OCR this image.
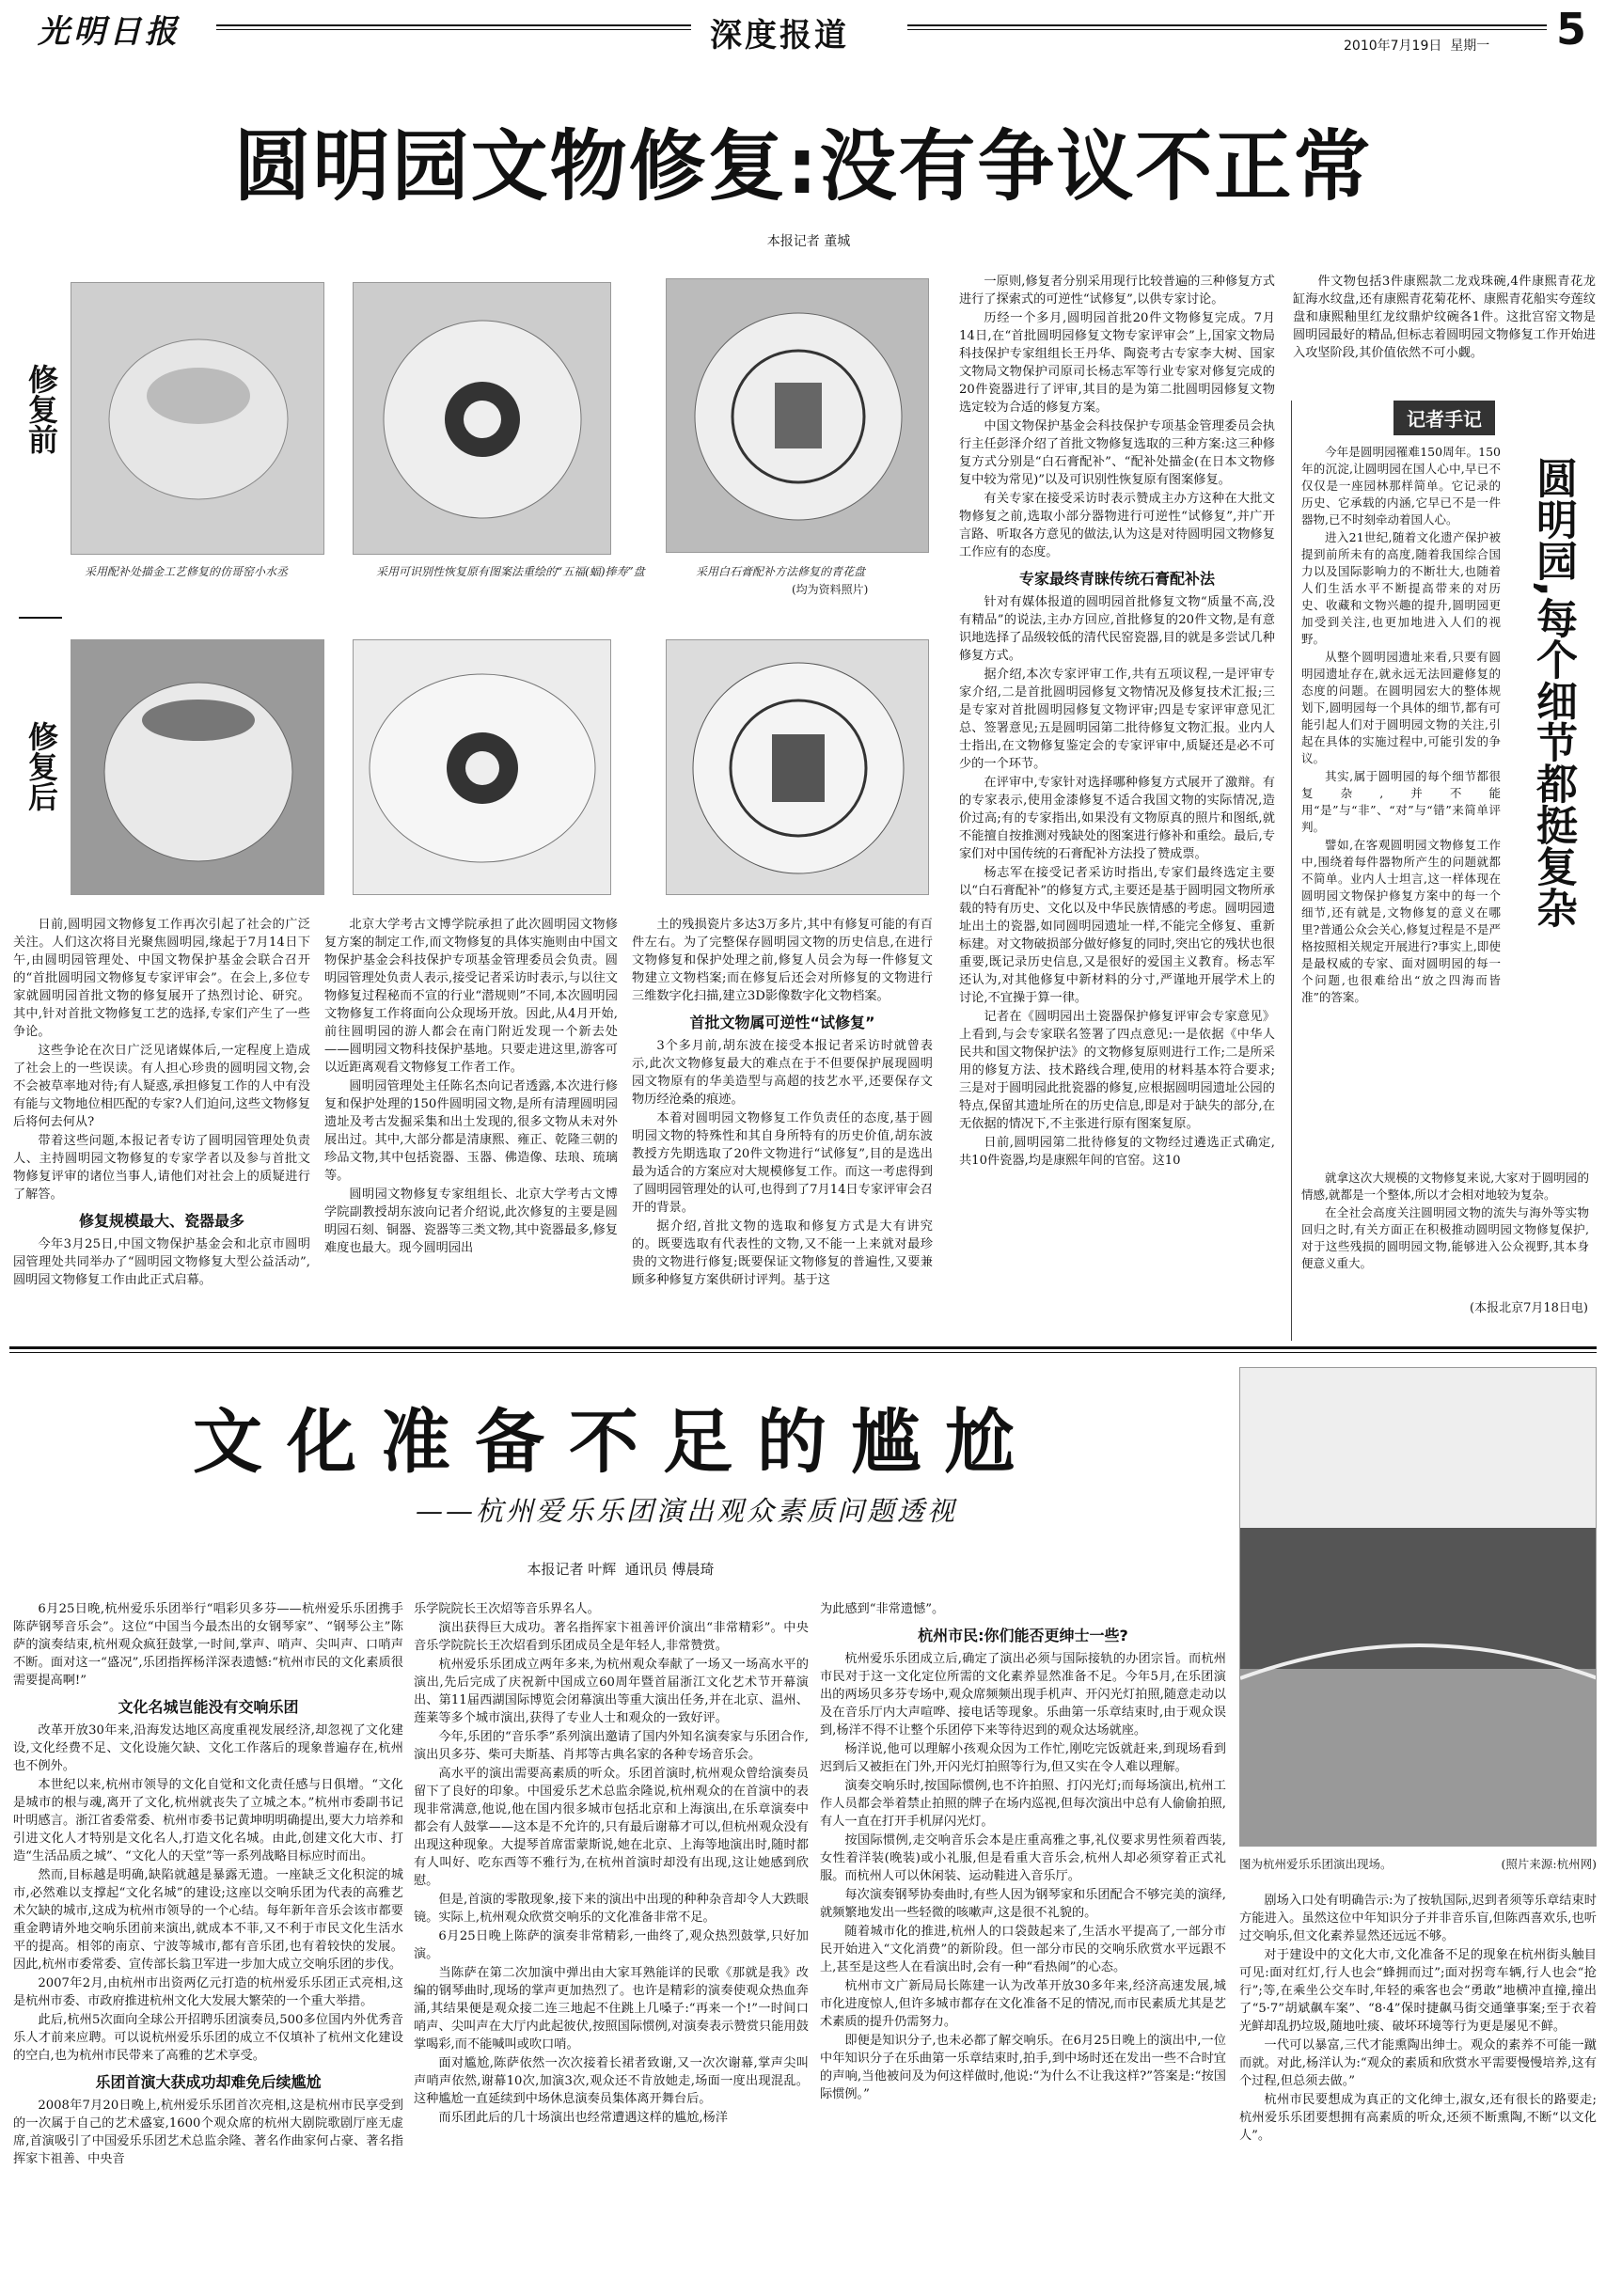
光明日报	深度报道	2010年7月19日 星期一 5
圆明园文物修复:没有争议不正常
本报记者 董城
修复前
修复后
采用配补处描金工艺修复的仿哥窑小水丞	采用可识别性恢复原有图案法重绘的“五福(蝠)捧寿”盘	采用白石膏配补方法修复的青花盘
(均为资料照片)

日前,圆明园文物修复工作再次引起了社会的广泛关注。人们这次将目光聚焦圆明园,缘起于7月14日下午,由圆明园管理处、中国文物保护基金会联合召开的“首批圆明园文物修复专家评审会”。在会上,多位专家就圆明园首批文物的修复展开了热烈讨论、研究。其中,针对首批文物修复工艺的选择,专家们产生了一些争论。

这些争论在次日广泛见诸媒体后,一定程度上造成了社会上的一些误读。有人担心珍贵的圆明园文物,会不会被草率地对待;有人疑惑,承担修复工作的人中有没有能与文物地位相匹配的专家?人们迫问,这些文物修复后将何去何从?

带着这些问题,本报记者专访了圆明园管理处负责人、主持圆明园文物修复的专家学者以及参与首批文物修复评审的诸位当事人,请他们对社会上的质疑进行了解答。

修复规模最大、瓷器最多

今年3月25日,中国文物保护基金会和北京市圆明园管理处共同举办了“圆明园文物修复大型公益活动”,圆明园文物修复工作由此正式启幕。

北京大学考古文博学院承担了此次圆明园文物修复方案的制定工作,而文物修复的具体实施则由中国文物保护基金会科技保护专项基金管理委员会负责。圆明园管理处负责人表示,接受记者采访时表示,与以往文物修复过程秘而不宣的行业“潜规则”不同,本次圆明园文物修复工作将面向公众现场开放。因此,从4月开始,前往圆明园的游人都会在南门附近发现一个新去处——圆明园文物科技保护基地。只要走进这里,游客可以近距离观看文物修复工作者工作。

圆明园管理处主任陈名杰向记者透露,本次进行修复和保护处理的150件圆明园文物,是所有清理圆明园遗址及考古发掘采集和出土发现的,很多文物从未对外展出过。其中,大部分都是清康熙、雍正、乾隆三朝的珍品文物,其中包括瓷器、玉器、佛造像、珐琅、琉璃等。

圆明园文物修复专家组组长、北京大学考古文博学院副教授胡东波向记者介绍说,此次修复的主要是圆明园石刻、铜器、瓷器等三类文物,其中瓷器最多,修复难度也最大。现今圆明园出

土的残损瓷片多达3万多片,其中有修复可能的有百件左右。为了完整保存圆明园文物的历史信息,在进行文物修复和保护处理之前,修复人员会为每一件修复文物建立文物档案;而在修复后还会对所修复的文物进行三维数字化扫描,建立3D影像数字化文物档案。

首批文物属可逆性“试修复”

3个多月前,胡东波在接受本报记者采访时就曾表示,此次文物修复最大的难点在于不但要保护展现圆明园文物原有的华美造型与高超的技艺水平,还要保存文物历经沧桑的痕迹。

本着对圆明园文物修复工作负责任的态度,基于圆明园文物的特殊性和其自身所特有的历史价值,胡东波教授方先期选取了20件文物进行“试修复”,目的是选出最为适合的方案应对大规模修复工作。而这一考虑得到了圆明园管理处的认可,也得到了7月14日专家评审会召开的背景。

据介绍,首批文物的选取和修复方式是大有讲究的。既要选取有代表性的文物,又不能一上来就对最珍贵的文物进行修复;既要保证文物修复的普遍性,又要兼顾多种修复方案供研讨评判。基于这

一原则,修复者分别采用现行比较普遍的三种修复方式进行了探索式的可逆性“试修复”,以供专家讨论。

历经一个多月,圆明园首批20件文物修复完成。7月14日,在“首批圆明园修复文物专家评审会”上,国家文物局科技保护专家组组长王丹华、陶瓷考古专家李大树、国家文物局文物保护司原司长杨志军等行业专家对修复完成的20件瓷器进行了评审,其目的是为第二批圆明园修复文物选定较为合适的修复方案。

中国文物保护基金会科技保护专项基金管理委员会执行主任彭泽介绍了首批文物修复选取的三种方案:这三种修复方式分别是“白石膏配补”、“配补处描金(在日本文物修复中较为常见)”以及可识别性恢复原有图案修复。

有关专家在接受采访时表示赞成主办方这种在大批文物修复之前,选取小部分器物进行可逆性“试修复”,并广开言路、听取各方意见的做法,认为这是对待圆明园文物修复工作应有的态度。

专家最终青睐传统石膏配补法

针对有媒体报道的圆明园首批修复文物“质量不高,没有精品”的说法,主办方回应,首批修复的20件文物,是有意识地选择了品级较低的清代民窑瓷器,目的就是多尝试几种修复方式。

据介绍,本次专家评审工作,共有五项议程,一是评审专家介绍,二是首批圆明园修复文物情况及修复技术汇报;三是专家对首批圆明园修复文物评审;四是专家评审意见汇总、签署意见;五是圆明园第二批待修复文物汇报。业内人士指出,在文物修复鉴定会的专家评审中,质疑还是必不可少的一个环节。

在评审中,专家针对选择哪种修复方式展开了激辩。有的专家表示,使用金漆修复不适合我国文物的实际情况,造价过高;有的专家指出,如果没有文物原真的照片和图纸,就不能擅自按推测对残缺处的图案进行修补和重绘。最后,专家们对中国传统的石膏配补方法投了赞成票。

杨志军在接受记者采访时指出,专家们最终选定主要以“白石膏配补”的修复方式,主要还是基于圆明园文物所承载的特有历史、文化以及中华民族情感的考虑。圆明园遗址出土的瓷器,如同圆明园遗址一样,不能完全修复、重新标建。对文物破损部分做好修复的同时,突出它的残状也很重要,既记录历史信息,又是很好的爱国主义教育。杨志军还认为,对其他修复中新材料的分寸,严谨地开展学术上的讨论,不宜操于算一律。

记者在《圆明园出土瓷器保护修复评审会专家意见》上看到,与会专家联名签署了四点意见:一是依据《中华人民共和国文物保护法》的文物修复原则进行工作;二是所采用的修复方法、技术路线合理,使用的材料基本符合要求;三是对于圆明园此批瓷器的修复,应根据圆明园遗址公园的特点,保留其遗址所在的历史信息,即是对于缺失的部分,在无依据的情况下,不主张进行原有图案复原。

日前,圆明园第二批待修复的文物经过遴选正式确定,共10件瓷器,均是康熙年间的官窑。这10

件文物包括3件康熙款二龙戏珠碗,4件康熙青花龙缸海水纹盘,还有康熙青花菊花杯、康熙青花船实夸莲纹盘和康熙釉里红龙纹鼎炉纹碗各1件。这批宫窑文物是圆明园最好的精品,但标志着圆明园文物修复工作开始进入攻坚阶段,其价值依然不可小觑。

记者手记
圆明园,每个细节都挺复杂

今年是圆明园罹难150周年。150年的沉淀,让圆明园在国人心中,早已不仅仅是一座园林那样简单。它记录的历史、它承载的内涵,它早已不是一件器物,已不时刻牵动着国人心。

进入21世纪,随着文化遗产保护被提到前所未有的高度,随着我国综合国力以及国际影响力的不断壮大,也随着人们生活水平不断提高带来的对历史、收藏和文物兴趣的提升,圆明园更加受到关注,也更加地进入人们的视野。

从整个圆明园遗址来看,只要有圆明园遗址存在,就永远无法回避修复的态度的问题。在圆明园宏大的整体规划下,圆明园每一个具体的细节,都有可能引起人们对于圆明园文物的关注,引起在具体的实施过程中,可能引发的争议。

其实,属于圆明园的每个细节都很复杂,并不能用“是”与“非”、“对”与“错”来简单评判。

譬如,在客观圆明园文物修复工作中,围绕着每件器物所产生的问题就都不简单。业内人士坦言,这一样体现在圆明园文物保护修复方案中的每一个细节,还有就是,文物修复的意义在哪里?普通公众会关心,修复过程是不是严格按照相关规定开展进行?事实上,即使是最权威的专家、面对圆明园的每一个问题,也很难给出“放之四海而皆准”的答案。

就拿这次大规模的文物修复来说,大家对于圆明园的情感,就都是一个整体,所以才会相对地较为复杂。

在全社会高度关注圆明园文物的流失与海外等实物回归之时,有关方面正在积极推动圆明园文物修复保护,对于这些残损的圆明园文物,能够进入公众视野,其本身便意义重大。

(本报北京7月18日电)
文化准备不足的尴尬
——杭州爱乐乐团演出观众素质问题透视
本报记者 叶辉  通讯员 傅晨琦
图为杭州爱乐乐团演出现场。	(照片来源:杭州网)

6月25日晚,杭州爱乐乐团举行“唱彩贝多芬——杭州爱乐乐团携手陈萨钢琴音乐会”。这位“中国当今最杰出的女钢琴家”、“钢琴公主”陈萨的演奏结束,杭州观众疯狂鼓掌,一时间,掌声、哨声、尖叫声、口哨声不断。面对这一“盛况”,乐团指挥杨洋深表遗憾:“杭州市民的文化素质很需要提高啊!”

文化名城岂能没有交响乐团

改革开放30年来,沿海发达地区高度重视发展经济,却忽视了文化建设,文化经费不足、文化设施欠缺、文化工作落后的现象普遍存在,杭州也不例外。

本世纪以来,杭州市领导的文化自觉和文化责任感与日俱增。“文化是城市的根与魂,离开了文化,杭州就丧失了立城之本。”杭州市委副书记叶明感言。浙江省委常委、杭州市委书记黄坤明明确提出,要大力培养和引进文化人才特别是文化名人,打造文化名城。由此,创建文化大市、打造“生活品质之城”、“文化人的天堂”等一系列战略目标应时而出。

然而,目标越是明确,缺陷就越是暴露无遗。一座缺乏文化积淀的城市,必然难以支撑起“文化名城”的建设;这座以交响乐团为代表的高雅艺术欠缺的城市,这成为杭州市领导的一个心结。每年新年音乐会该市都要重金聘请外地交响乐团前来演出,就成本不菲,又不利于市民文化生活水平的提高。相邻的南京、宁波等城市,都有音乐团,也有着较快的发展。因此,杭州市委常委、宣传部长翁卫军进一步加大成立交响乐团的步伐。

2007年2月,由杭州市出资两亿元打造的杭州爱乐乐团正式亮相,这是杭州市委、市政府推进杭州文化大发展大繁荣的一个重大举措。

此后,杭州5次面向全球公开招聘乐团演奏员,500多位国内外优秀音乐人才前来应聘。可以说杭州爱乐乐团的成立不仅填补了杭州文化建设的空白,也为杭州市民带来了高雅的艺术享受。

乐团首演大获成功却难免后续尴尬

2008年7月20日晚上,杭州爱乐乐团首次亮相,这是杭州市民享受到的一次属于自己的艺术盛宴,1600个观众席的杭州大剧院歌剧厅座无虚席,首演吸引了中国爱乐乐团艺术总监余隆、著名作曲家何占豪、著名指挥家卞祖善、中央音

乐学院院长王次炤等音乐界名人。

演出获得巨大成功。著名指挥家卞祖善评价演出“非常精彩”。中央音乐学院院长王次炤看到乐团成员全是年轻人,非常赞赏。

杭州爱乐乐团成立两年多来,为杭州观众奉献了一场又一场高水平的演出,先后完成了庆祝新中国成立60周年暨首届浙江文化艺术节开幕演出、第11届西湖国际博览会闭幕演出等重大演出任务,并在北京、温州、莲莱等多个城市演出,获得了专业人士和观众的一致好评。

今年,乐团的“音乐季”系列演出邀请了国内外知名演奏家与乐团合作,演出贝多芬、柴可夫斯基、肖邦等古典名家的各种专场音乐会。

高水平的演出需要高素质的听众。乐团首演时,杭州观众曾给演奏员留下了良好的印象。中国爱乐艺术总监余隆说,杭州观众的在首演中的表现非常满意,他说,他在国内很多城市包括北京和上海演出,在乐章演奏中都会有人鼓掌——这本是不允许的,只有最后谢幕才可以,但杭州观众没有出现这种现象。大提琴首席雷蒙斯说,她在北京、上海等地演出时,随时都有人叫好、吃东西等不雅行为,在杭州首演时却没有出现,这让她感到欣慰。

但是,首演的零散现象,接下来的演出中出现的种种杂音却令人大跌眼镜。实际上,杭州观众欣赏交响乐的文化准备非常不足。

6月25日晚上陈萨的演奏非常精彩,一曲终了,观众热烈鼓掌,只好加演。

当陈萨在第二次加演中弹出由大家耳熟能详的民歌《那就是我》改编的钢琴曲时,现场的掌声更加热烈了。也许是精彩的演奏使观众热血奔涌,其结果便是观众接二连三地起不住跳上几嗓子:“再来一个!”一时间口哨声、尖叫声在大厅内此起彼伏,按照国际惯例,对演奏表示赞赏只能用鼓掌喝彩,而不能喊叫或吹口哨。

面对尴尬,陈萨依然一次次接着长裙者致谢,又一次次谢幕,掌声尖叫声哨声依然,谢幕10次,加演3次,观众还不肯放她走,场面一度出现混乱。这种尴尬一直延续到中场休息演奏员集体离开舞台后。

而乐团此后的几十场演出也经常遭遇这样的尴尬,杨洋

为此感到“非常遗憾”。

杭州市民:你们能否更绅士一些?

杭州爱乐乐团成立后,确定了演出必须与国际接轨的办团宗旨。而杭州市民对于这一文化定位所需的文化素养显然准备不足。今年5月,在乐团演出的两场贝多芬专场中,观众席频频出现手机声、开闪光灯拍照,随意走动以及在音乐厅内大声喧哗、接电话等现象。乐曲第一乐章结束时,由于观众误到,杨洋不得不让整个乐团停下来等待迟到的观众达场就座。

杨洋说,他可以理解小孩观众因为工作忙,刚吃完饭就赶来,到现场看到迟到后又被拒在门外,开闪光灯拍照等行为,但又实在令人难以理解。

演奏交响乐时,按国际惯例,也不许拍照、打闪光灯;而每场演出,杭州工作人员都会举着禁止拍照的牌子在场内巡视,但每次演出中总有人偷偷拍照,有人一直在打开手机屏闪光灯。

按国际惯例,走交响音乐会本是庄重高雅之事,礼仪要求男性须着西装,女性着洋装(晚装)或小礼服,但是看重大音乐会,杭州人却必须穿着正式礼服。而杭州人可以休闲装、运动鞋进入音乐厅。

每次演奏钢琴协奏曲时,有些人因为钢琴家和乐团配合不够完美的演绎,就频繁地发出一些轻微的咳嗽声,这是很不礼貌的。

随着城市化的推进,杭州人的口袋鼓起来了,生活水平提高了,一部分市民开始进入“文化消费”的新阶段。但一部分市民的交响乐欣赏水平远跟不上,甚至是这些人在看演出时,会有一种“看热闹”的心态。

杭州市文广新局局长陈建一认为改革开放30多年来,经济高速发展,城市化进度惊人,但许多城市都存在文化准备不足的情况,而市民素质尤其是艺术素质的提升仍需努力。

即便是知识分子,也未必都了解交响乐。在6月25日晚上的演出中,一位中年知识分子在乐曲第一乐章结束时,拍手,到中场时还在发出一些不合时宜的声响,当他被问及为何这样做时,他说:“为什么不让我这样?”答案是:“按国际惯例。”

剧场入口处有明确告示:为了按轨国际,迟到者须等乐章结束时方能进入。虽然这位中年知识分子并非音乐盲,但陈西喜欢乐,也听过交响乐,但文化素养显然还远远不够。

对于建设中的文化大市,文化准备不足的现象在杭州街头触目可见:面对红灯,行人也会“蜂拥而过”;面对拐弯车辆,行人也会“抢行”;等,在乘坐公交车时,年轻的乘客也会“勇敢”地横冲直撞,撞出了“5·7”胡斌飙车案”、“8·4”保时捷飙马街交通肇事案;至于衣着光鲜却乱扔垃圾,随地吐痰、破坏环境等行为更是屡见不鲜。

一代可以暴富,三代才能熏陶出绅士。观众的素养不可能一蹴而就。对此,杨洋认为:“观众的素质和欣赏水平需要慢慢培养,这有个过程,但总须去做。”

杭州市民要想成为真正的文化绅士,淑女,还有很长的路要走;杭州爱乐乐团要想拥有高素质的听众,还须不断熏陶,不断“以文化人”。
